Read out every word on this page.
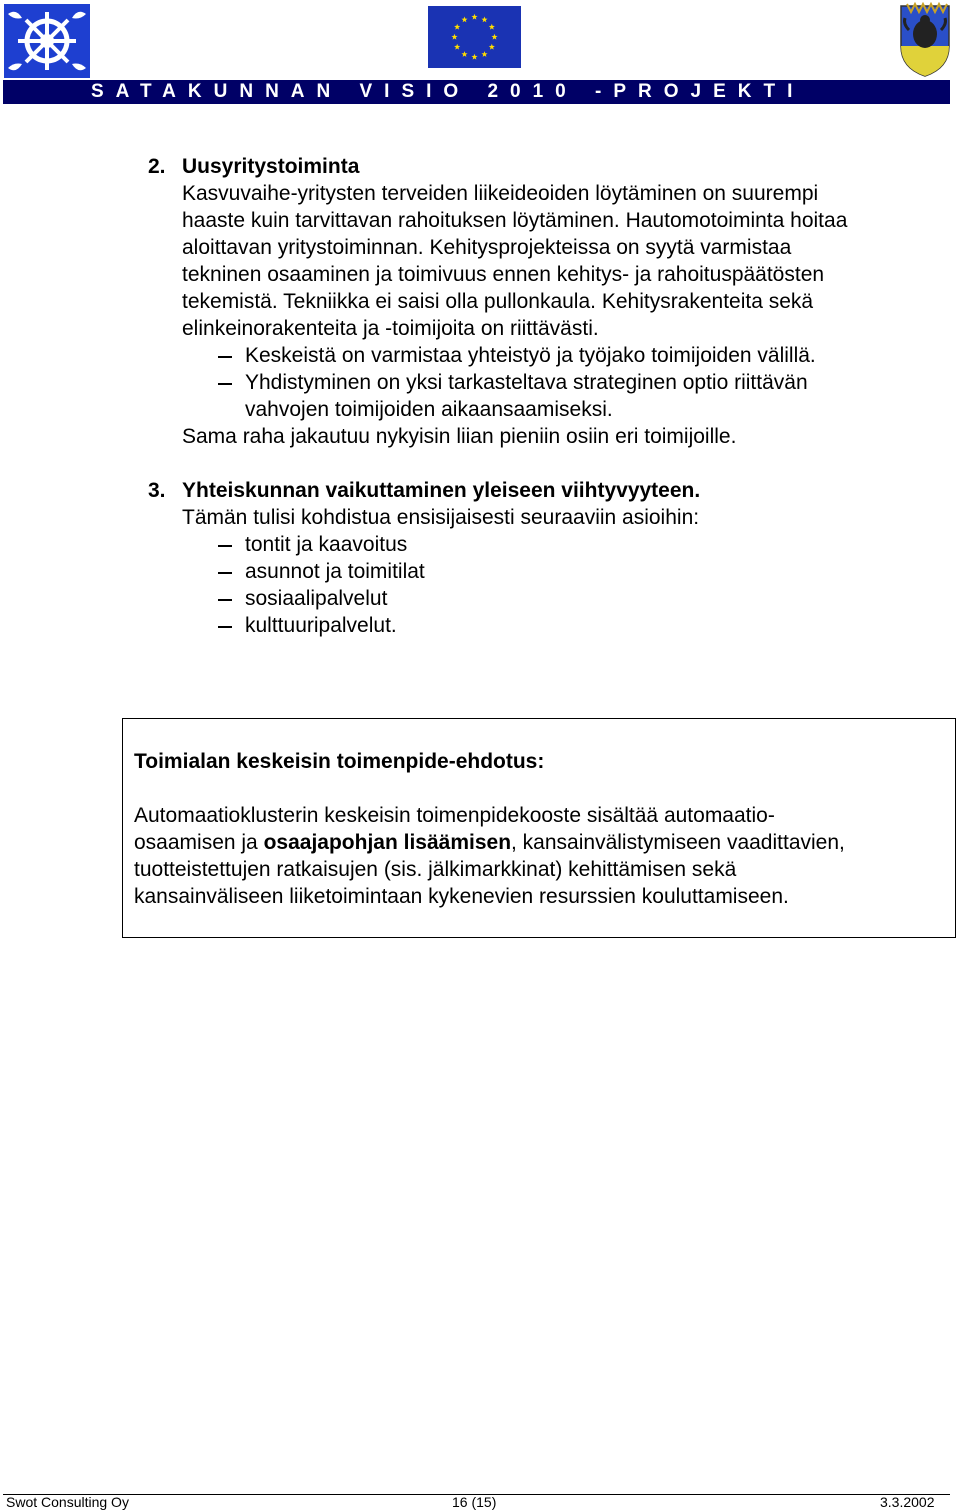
SATAKUNNAN VISIO 2010 -PROJEKTI
2. Uusyritystoiminta
Kasvuvaihe-yritysten terveiden liikeideoiden löytäminen on suurempi
haaste kuin tarvittavan rahoituksen löytäminen. Hautomotoiminta hoitaa
aloittavan yritystoiminnan. Kehitysprojekteissa on syytä varmistaa
tekninen osaaminen ja toimivuus ennen kehitys- ja rahoituspäätösten
tekemistä. Tekniikka ei saisi olla pullonkaula. Kehitysrakenteita sekä
elinkeinorakenteita ja -toimijoita on riittävästi.
Keskeistä on varmistaa yhteistyö ja työjako toimijoiden välillä.
Yhdistyminen on yksi tarkasteltava strateginen optio riittävän
vahvojen toimijoiden aikaansaamiseksi.
Sama raha jakautuu nykyisin liian pieniin osiin eri toimijoille.
3. Yhteiskunnan vaikuttaminen yleiseen viihtyvyyteen.
Tämän tulisi kohdistua ensisijaisesti seuraaviin asioihin:
tontit ja kaavoitus
asunnot ja toimitilat
sosiaalipalvelut
kulttuuripalvelut.
Toimialan keskeisin toimenpide-ehdotus:
Automaatioklusterin keskeisin toimenpidekooste sisältää automaatio-
osaamisen ja osaajapohjan lisäämisen, kansainvälistymiseen vaadittavien,
tuotteistettujen ratkaisujen (sis. jälkimarkkinat) kehittämisen sekä
kansainväliseen liiketoimintaan kykenevien resurssien kouluttamiseen.
Swot Consulting Oy	16 (15)	3.3.2002
